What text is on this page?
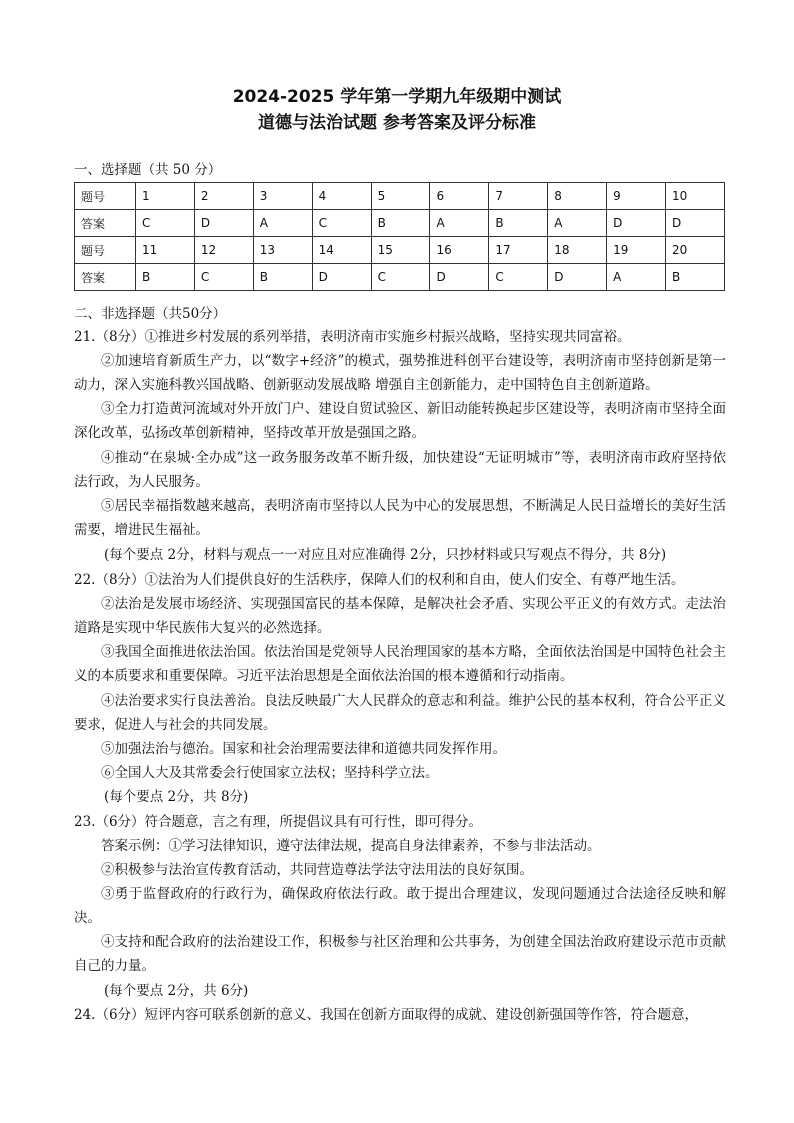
2024-2025 学年第一学期九年级期中测试
道德与法治试题 参考答案及评分标准
一、选择题（共 50 分）
题号	1	2	3	4	5	6	7	8	9	10
答案	C	D	A	C	B	A	B	A	D	D
题号	11	12	13	14	15	16	17	18	19	20
答案	B	C	B	D	C	D	C	D	A	B
二、非选择题（共50分）
21.（8分）①推进乡村发展的系列举措，表明济南市实施乡村振兴战略，坚持实现共同富裕。
②加速培育新质生产力，以“数字+经济”的模式，强势推进科创平台建设等，表明济南市坚持创新是第一动力，深入实施科教兴国战略、创新驱动发展战略 增强自主创新能力，走中国特色自主创新道路。
③全力打造黄河流域对外开放门户、建设自贸试验区、新旧动能转换起步区建设等，表明济南市坚持全面深化改革，弘扬改革创新精神，坚持改革开放是强国之路。
④推动“在泉城·全办成”这一政务服务改革不断升级，加快建设“无证明城市”等，表明济南市政府坚持依法行政，为人民服务。
⑤居民幸福指数越来越高，表明济南市坚持以人民为中心的发展思想，不断满足人民日益增长的美好生活需要，增进民生福祉。
(每个要点 2分，材料与观点一一对应且对应准确得 2分，只抄材料或只写观点不得分，共 8分)
22.（8分）①法治为人们提供良好的生活秩序，保障人们的权利和自由，使人们安全、有尊严地生活。
②法治是发展市场经济、实现强国富民的基本保障，是解决社会矛盾、实现公平正义的有效方式。走法治道路是实现中华民族伟大复兴的必然选择。
③我国全面推进依法治国。依法治国是党领导人民治理国家的基本方略，全面依法治国是中国特色社会主义的本质要求和重要保障。习近平法治思想是全面依法治国的根本遵循和行动指南。
④法治要求实行良法善治。良法反映最广大人民群众的意志和利益。维护公民的基本权利，符合公平正义要求，促进人与社会的共同发展。
⑤加强法治与德治。国家和社会治理需要法律和道德共同发挥作用。
⑥全国人大及其常委会行使国家立法权；坚持科学立法。
(每个要点 2分，共 8分)
23.（6分）符合题意，言之有理，所提倡议具有可行性，即可得分。
答案示例：①学习法律知识，遵守法律法规，提高自身法律素养，不参与非法活动。
②积极参与法治宣传教育活动，共同营造尊法学法守法用法的良好氛围。
③勇于监督政府的行政行为，确保政府依法行政。敢于提出合理建议，发现问题通过合法途径反映和解决。
④支持和配合政府的法治建设工作，积极参与社区治理和公共事务，为创建全国法治政府建设示范市贡献自己的力量。
(每个要点 2分，共 6分)
24.（6分）短评内容可联系创新的意义、我国在创新方面取得的成就、建设创新强国等作答，符合题意，
